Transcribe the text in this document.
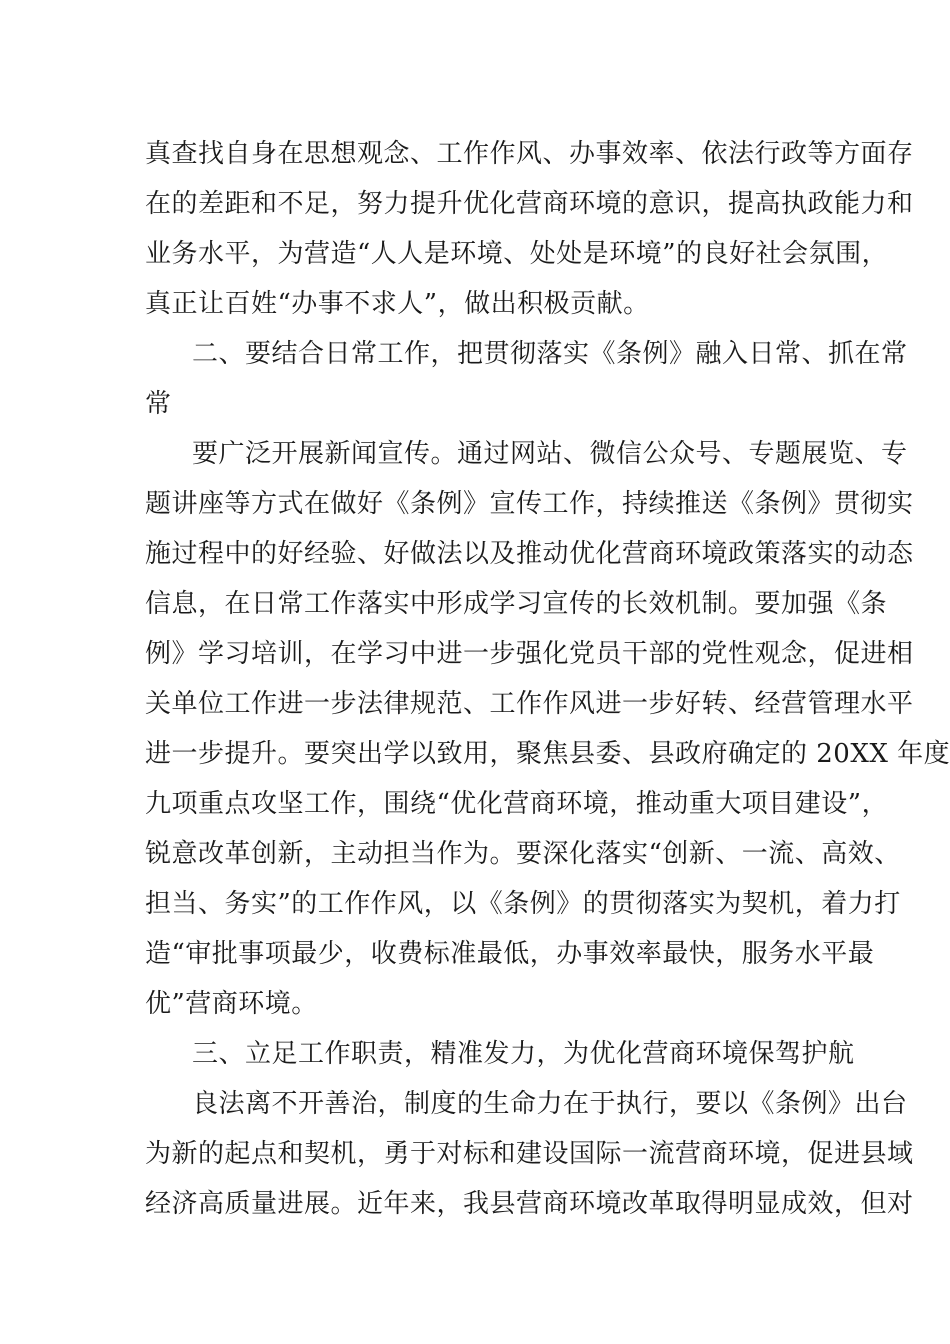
真查找自身在思想观念、工作作风、办事效率、依法行政等方面存
在的差距和不足，努力提升优化营商环境的意识，提高执政能力和
业务水平，为营造“人人是环境、处处是环境”的良好社会氛围，
真正让百姓“办事不求人”，做出积极贡献。
二、要结合日常工作，把贯彻落实《条例》融入日常、抓在常
常
要广泛开展新闻宣传。通过网站、微信公众号、专题展览、专
题讲座等方式在做好《条例》宣传工作，持续推送《条例》贯彻实
施过程中的好经验、好做法以及推动优化营商环境政策落实的动态
信息，在日常工作落实中形成学习宣传的长效机制。要加强《条
例》学习培训，在学习中进一步强化党员干部的党性观念，促进相
关单位工作进一步法律规范、工作作风进一步好转、经营管理水平
进一步提升。要突出学以致用，聚焦县委、县政府确定的 20XX 年度
九项重点攻坚工作，围绕“优化营商环境，推动重大项目建设”，
锐意改革创新，主动担当作为。要深化落实“创新、一流、高效、
担当、务实”的工作作风，以《条例》的贯彻落实为契机，着力打
造“审批事项最少，收费标准最低，办事效率最快，服务水平最
优”营商环境。
三、立足工作职责，精准发力，为优化营商环境保驾护航
良法离不开善治，制度的生命力在于执行，要以《条例》出台
为新的起点和契机，勇于对标和建设国际一流营商环境，促进县域
经济高质量进展。近年来，我县营商环境改革取得明显成效，但对
